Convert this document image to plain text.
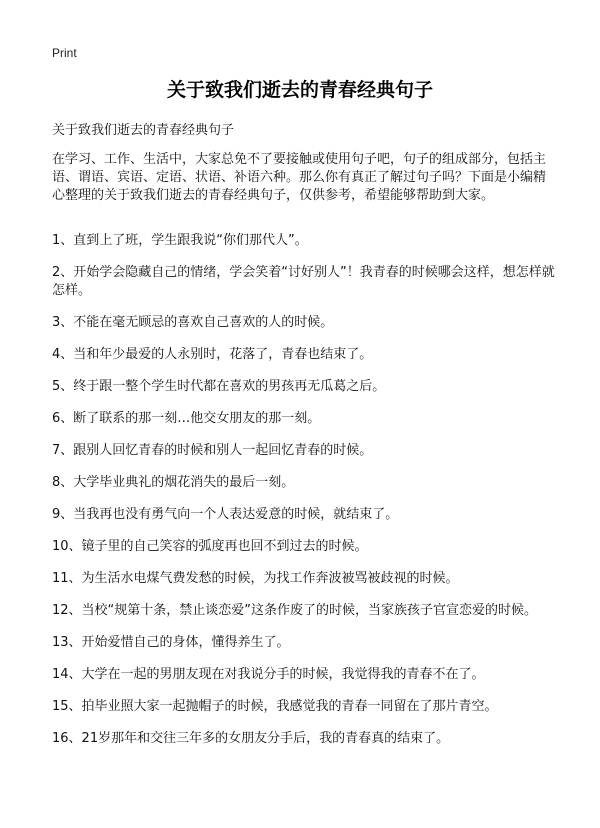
Print
关于致我们逝去的青春经典句子

关于致我们逝去的青春经典句子

在学习、工作、生活中，大家总免不了要接触或使用句子吧，句子的组成部分，包括主语、谓语、宾语、定语、状语、补语六种。那么你有真正了解过句子吗？下面是小编精心整理的关于致我们逝去的青春经典句子，仅供参考，希望能够帮助到大家。

1、直到上了班，学生跟我说“你们那代人”。
2、开始学会隐藏自己的情绪，学会笑着“讨好别人”！我青春的时候哪会这样，想怎样就怎样。
3、不能在毫无顾忌的喜欢自己喜欢的人的时候。
4、当和年少最爱的人永别时，花落了，青春也结束了。
5、终于跟一整个学生时代都在喜欢的男孩再无瓜葛之后。
6、断了联系的那一刻…他交女朋友的那一刻。
7、跟别人回忆青春的时候和别人一起回忆青春的时候。
8、大学毕业典礼的烟花消失的最后一刻。
9、当我再也没有勇气向一个人表达爱意的时候，就结束了。
10、镜子里的自己笑容的弧度再也回不到过去的时候。
11、为生活水电煤气费发愁的时候，为找工作奔波被骂被歧视的时候。
12、当校“规第十条，禁止谈恋爱”这条作废了的时候，当家族孩子官宣恋爱的时候。
13、开始爱惜自己的身体，懂得养生了。
14、大学在一起的男朋友现在对我说分手的时候，我觉得我的青春不在了。
15、拍毕业照大家一起抛帽子的时候，我感觉我的青春一同留在了那片青空。
16、21岁那年和交往三年多的女朋友分手后，我的青春真的结束了。
